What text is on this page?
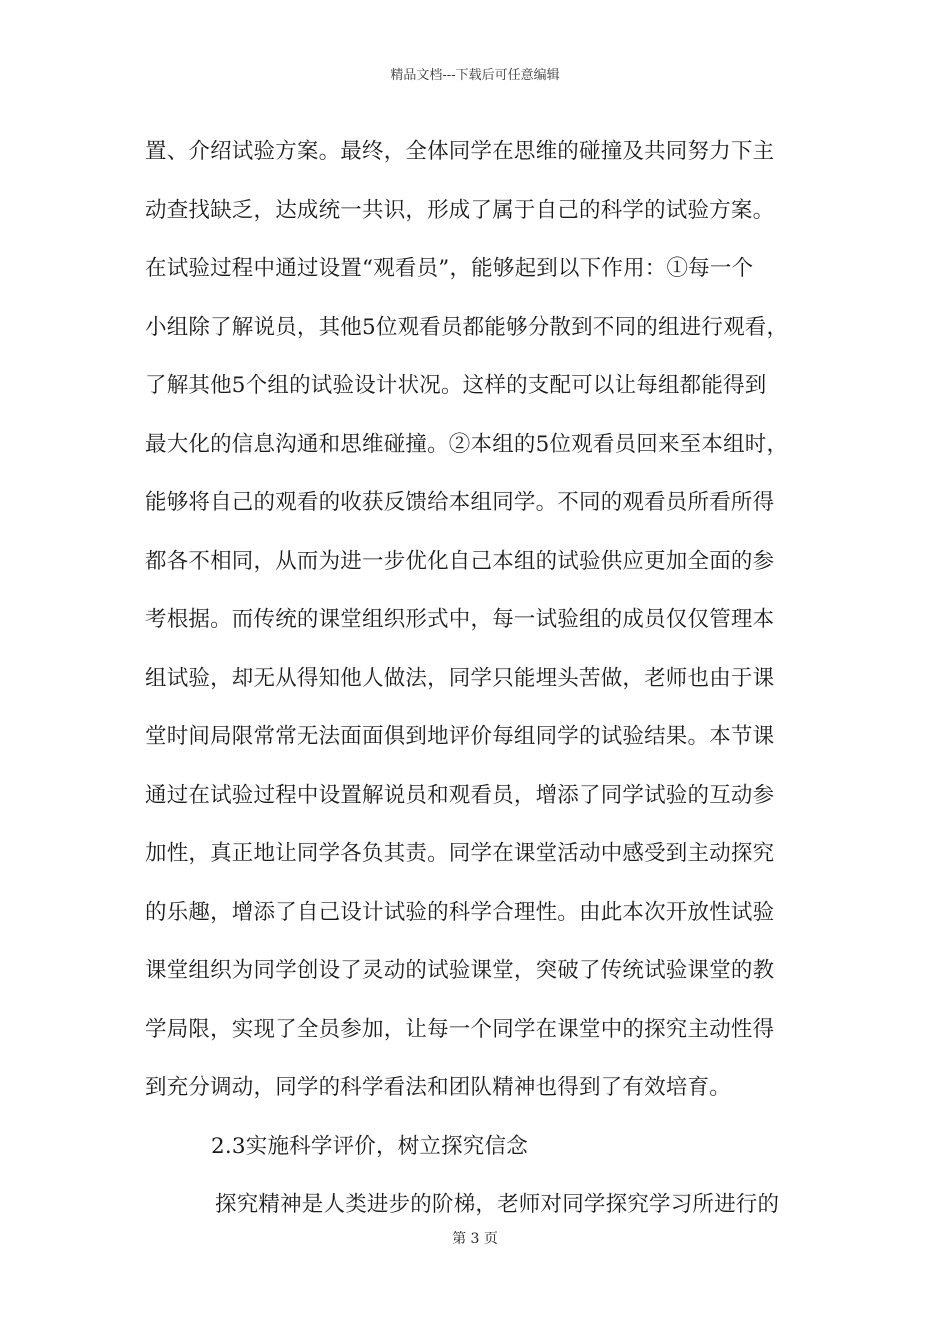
精品文档---下载后可任意编辑
置、介绍试验方案。最终，全体同学在思维的碰撞及共同努力下主
动查找缺乏，达成统一共识，形成了属于自己的科学的试验方案。
在试验过程中通过设置“观看员”，能够起到以下作用：①每一个
小组除了解说员，其他5位观看员都能够分散到不同的组进行观看，
了解其他5个组的试验设计状况。这样的支配可以让每组都能得到
最大化的信息沟通和思维碰撞。②本组的5位观看员回来至本组时，
能够将自己的观看的收获反馈给本组同学。不同的观看员所看所得
都各不相同，从而为进一步优化自己本组的试验供应更加全面的参
考根据。而传统的课堂组织形式中，每一试验组的成员仅仅管理本
组试验，却无从得知他人做法，同学只能埋头苦做，老师也由于课
堂时间局限常常无法面面俱到地评价每组同学的试验结果。本节课
通过在试验过程中设置解说员和观看员，增添了同学试验的互动参
加性，真正地让同学各负其责。同学在课堂活动中感受到主动探究
的乐趣，增添了自己设计试验的科学合理性。由此本次开放性试验
课堂组织为同学创设了灵动的试验课堂，突破了传统试验课堂的教
学局限，实现了全员参加，让每一个同学在课堂中的探究主动性得
到充分调动，同学的科学看法和团队精神也得到了有效培育。
2.3实施科学评价，树立探究信念
探究精神是人类进步的阶梯，老师对同学探究学习所进行的
第 3 页
